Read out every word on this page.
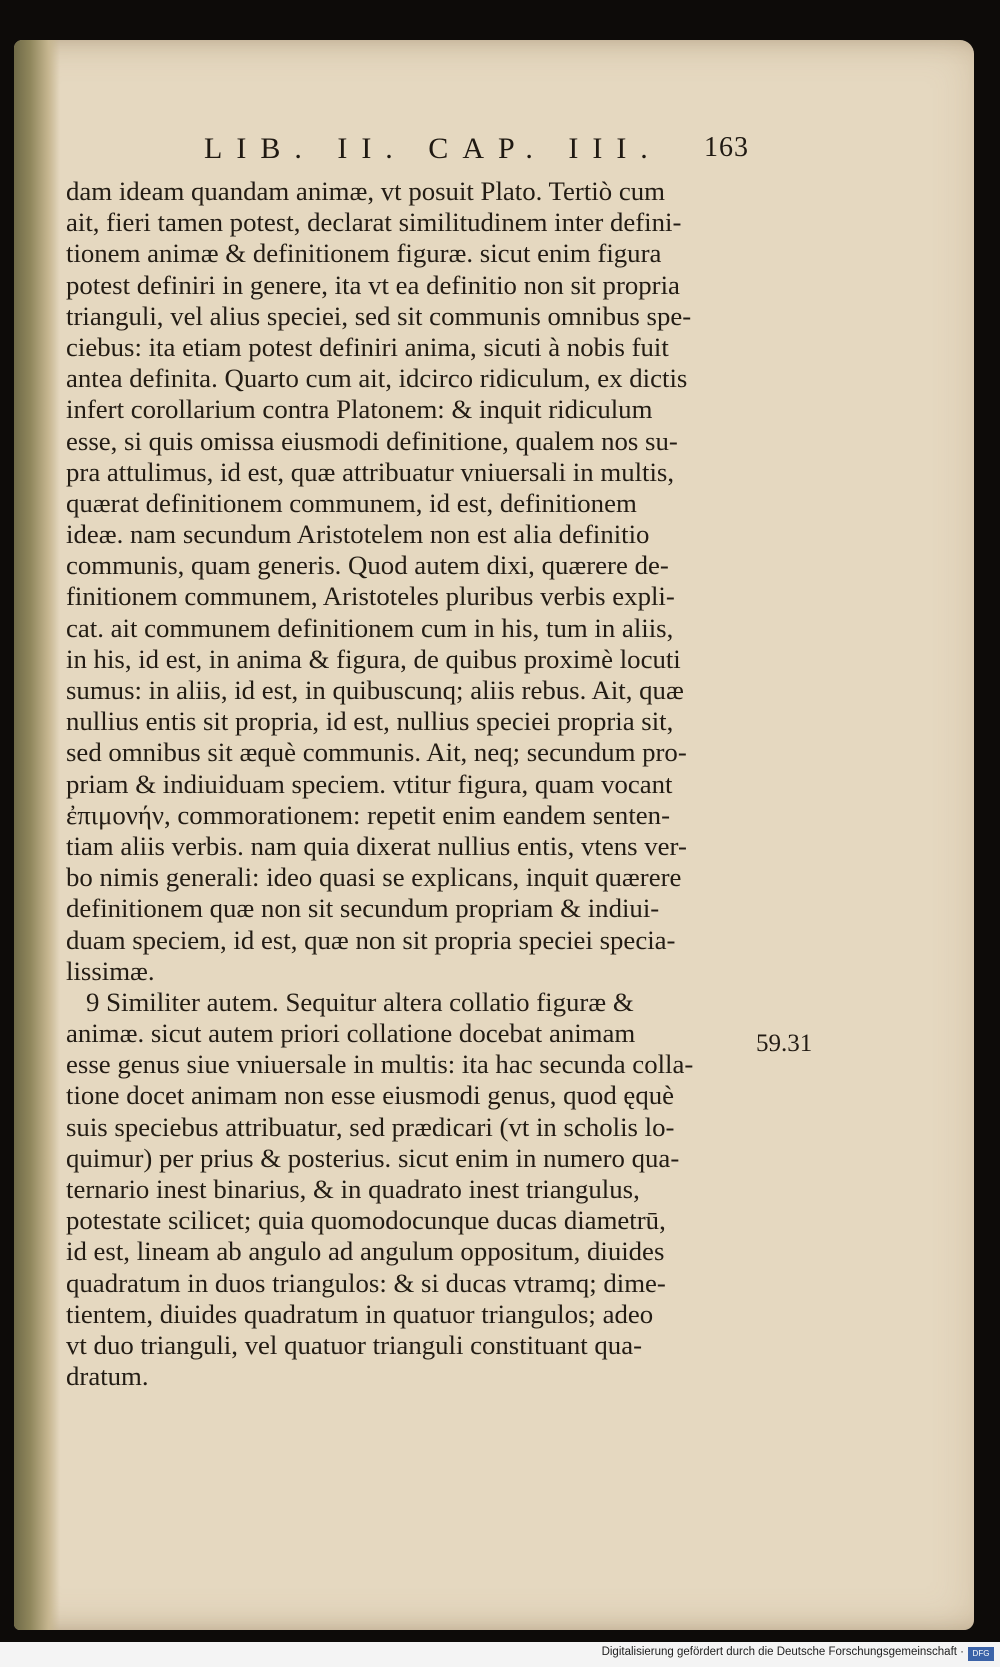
LIB. II. CAP. III.	163
dam ideam quandam animæ, vt posuit Plato. Tertiò cum
ait, fieri tamen potest, declarat similitudinem inter defini-
tionem animæ & definitionem figuræ. sicut enim figura
potest definiri in genere, ita vt ea definitio non sit propria
trianguli, vel alius speciei, sed sit communis omnibus spe-
ciebus: ita etiam potest definiri anima, sicuti à nobis fuit
antea definita. Quarto cum ait, idcirco ridiculum, ex dictis
infert corollarium contra Platonem: & inquit ridiculum
esse, si quis omissa eiusmodi definitione, qualem nos su-
pra attulimus, id est, quæ attribuatur vniuersali in multis,
quærat definitionem communem, id est, definitionem
ideæ. nam secundum Aristotelem non est alia definitio
communis, quam generis. Quod autem dixi, quærere de-
finitionem communem, Aristoteles pluribus verbis expli-
cat. ait communem definitionem cum in his, tum in aliis,
in his, id est, in anima & figura, de quibus proximè locuti
sumus: in aliis, id est, in quibuscunq; aliis rebus. Ait, quæ
nullius entis sit propria, id est, nullius speciei propria sit,
sed omnibus sit æquè communis. Ait, neq; secundum pro-
priam & indiuiduam speciem. vtitur figura, quam vocant
ἐπιμονήν, commorationem: repetit enim eandem senten-
tiam aliis verbis. nam quia dixerat nullius entis, vtens ver-
bo nimis generali: ideo quasi se explicans, inquit quærere
definitionem quæ non sit secundum propriam & indiui-
duam speciem, id est, quæ non sit propria speciei specia-
lissimæ.
9 Similiter autem. Sequitur altera collatio figuræ &
animæ. sicut autem priori collatione docebat animam
esse genus siue vniuersale in multis: ita hac secunda colla-
tione docet animam non esse eiusmodi genus, quod ęquè
suis speciebus attribuatur, sed prædicari (vt in scholis lo-
quimur) per prius & posterius. sicut enim in numero qua-
ternario inest binarius, & in quadrato inest triangulus,
potestate scilicet; quia quomodocunque ducas diametrū,
id est, lineam ab angulo ad angulum oppositum, diuides
quadratum in duos triangulos: & si ducas vtramq; dime-
tientem, diuides quadratum in quatuor triangulos; adeo
vt duo trianguli, vel quatuor trianguli constituant qua-
dratum.
59.31
Digitalisierung gefördert durch die Deutsche Forschungsgemeinschaft ·	DFG
